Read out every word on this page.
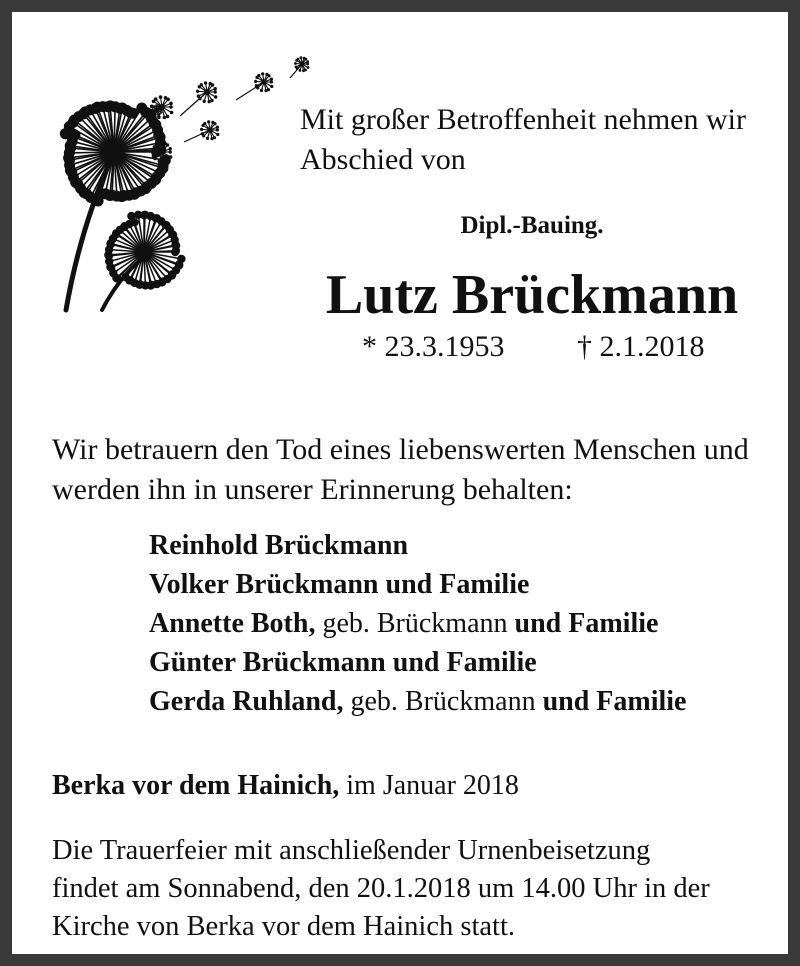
Mit großer Betroffenheit nehmen wir
Abschied von

Dipl.-Bauing.

Lutz Brückmann

* 23.3.1953 † 2.1.2018

Wir betrauern den Tod eines liebenswerten Menschen und
werden ihn in unserer Erinnerung behalten:

Reinhold Brückmann
Volker Brückmann und Familie
Annette Both, geb. Brückmann und Familie
Günter Brückmann und Familie
Gerda Ruhland, geb. Brückmann und Familie

Berka vor dem Hainich, im Januar 2018

Die Trauerfeier mit anschließender Urnenbeisetzung
findet am Sonnabend, den 20.1.2018 um 14.00 Uhr in der
Kirche von Berka vor dem Hainich statt.
